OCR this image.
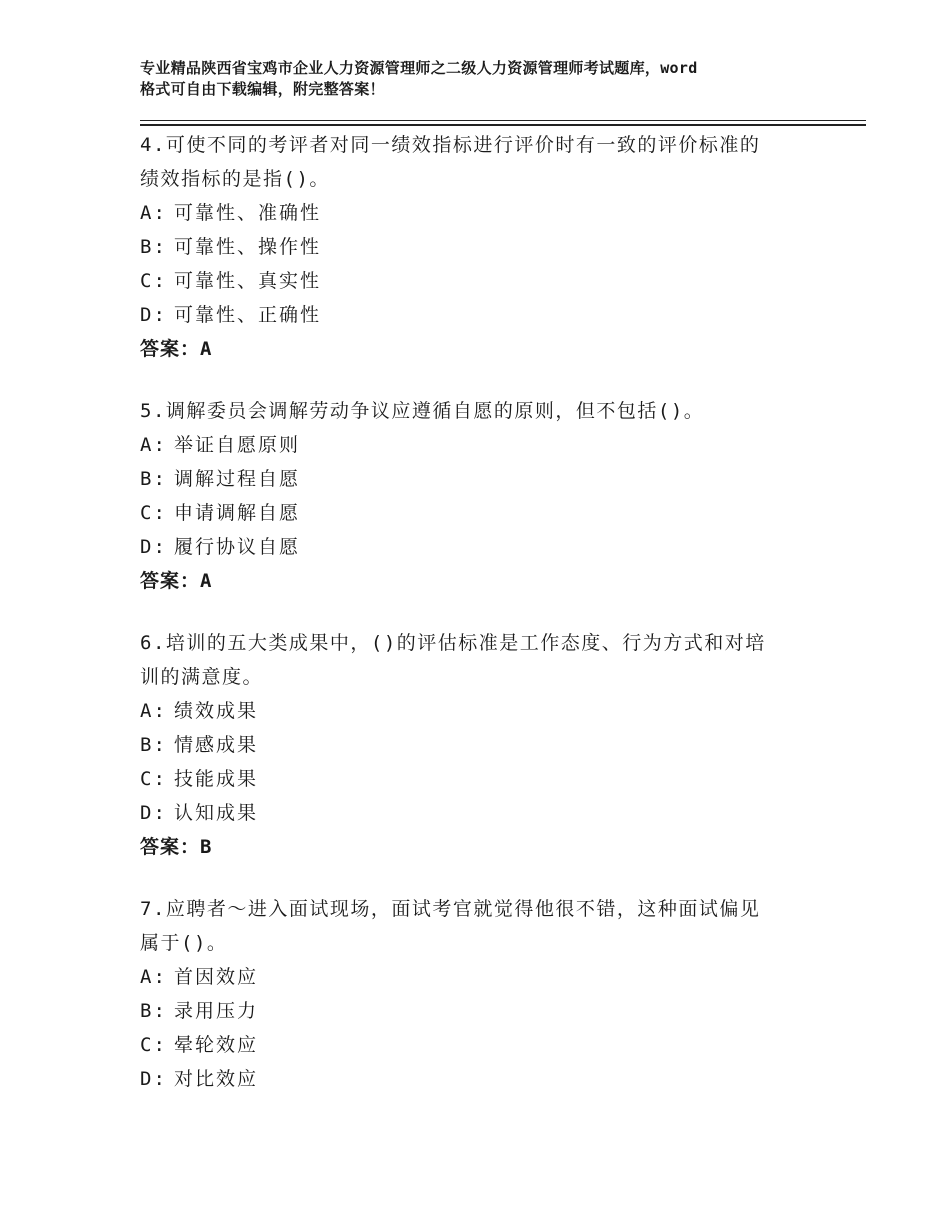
专业精品陕西省宝鸡市企业人力资源管理师之二级人力资源管理师考试题库，word
格式可自由下载编辑，附完整答案！

4.可使不同的考评者对同一绩效指标进行评价时有一致的评价标准的

绩效指标的是指()。

A: 可靠性、准确性

B: 可靠性、操作性

C: 可靠性、真实性

D: 可靠性、正确性

答案：A

5.调解委员会调解劳动争议应遵循自愿的原则，但不包括()。

A: 举证自愿原则

B: 调解过程自愿

C: 申请调解自愿

D: 履行协议自愿

答案：A

6.培训的五大类成果中，()的评估标准是工作态度、行为方式和对培

训的满意度。

A: 绩效成果

B: 情感成果

C: 技能成果

D: 认知成果

答案：B

7.应聘者～进入面试现场，面试考官就觉得他很不错，这种面试偏见

属于()。

A: 首因效应

B: 录用压力

C: 晕轮效应

D: 对比效应
